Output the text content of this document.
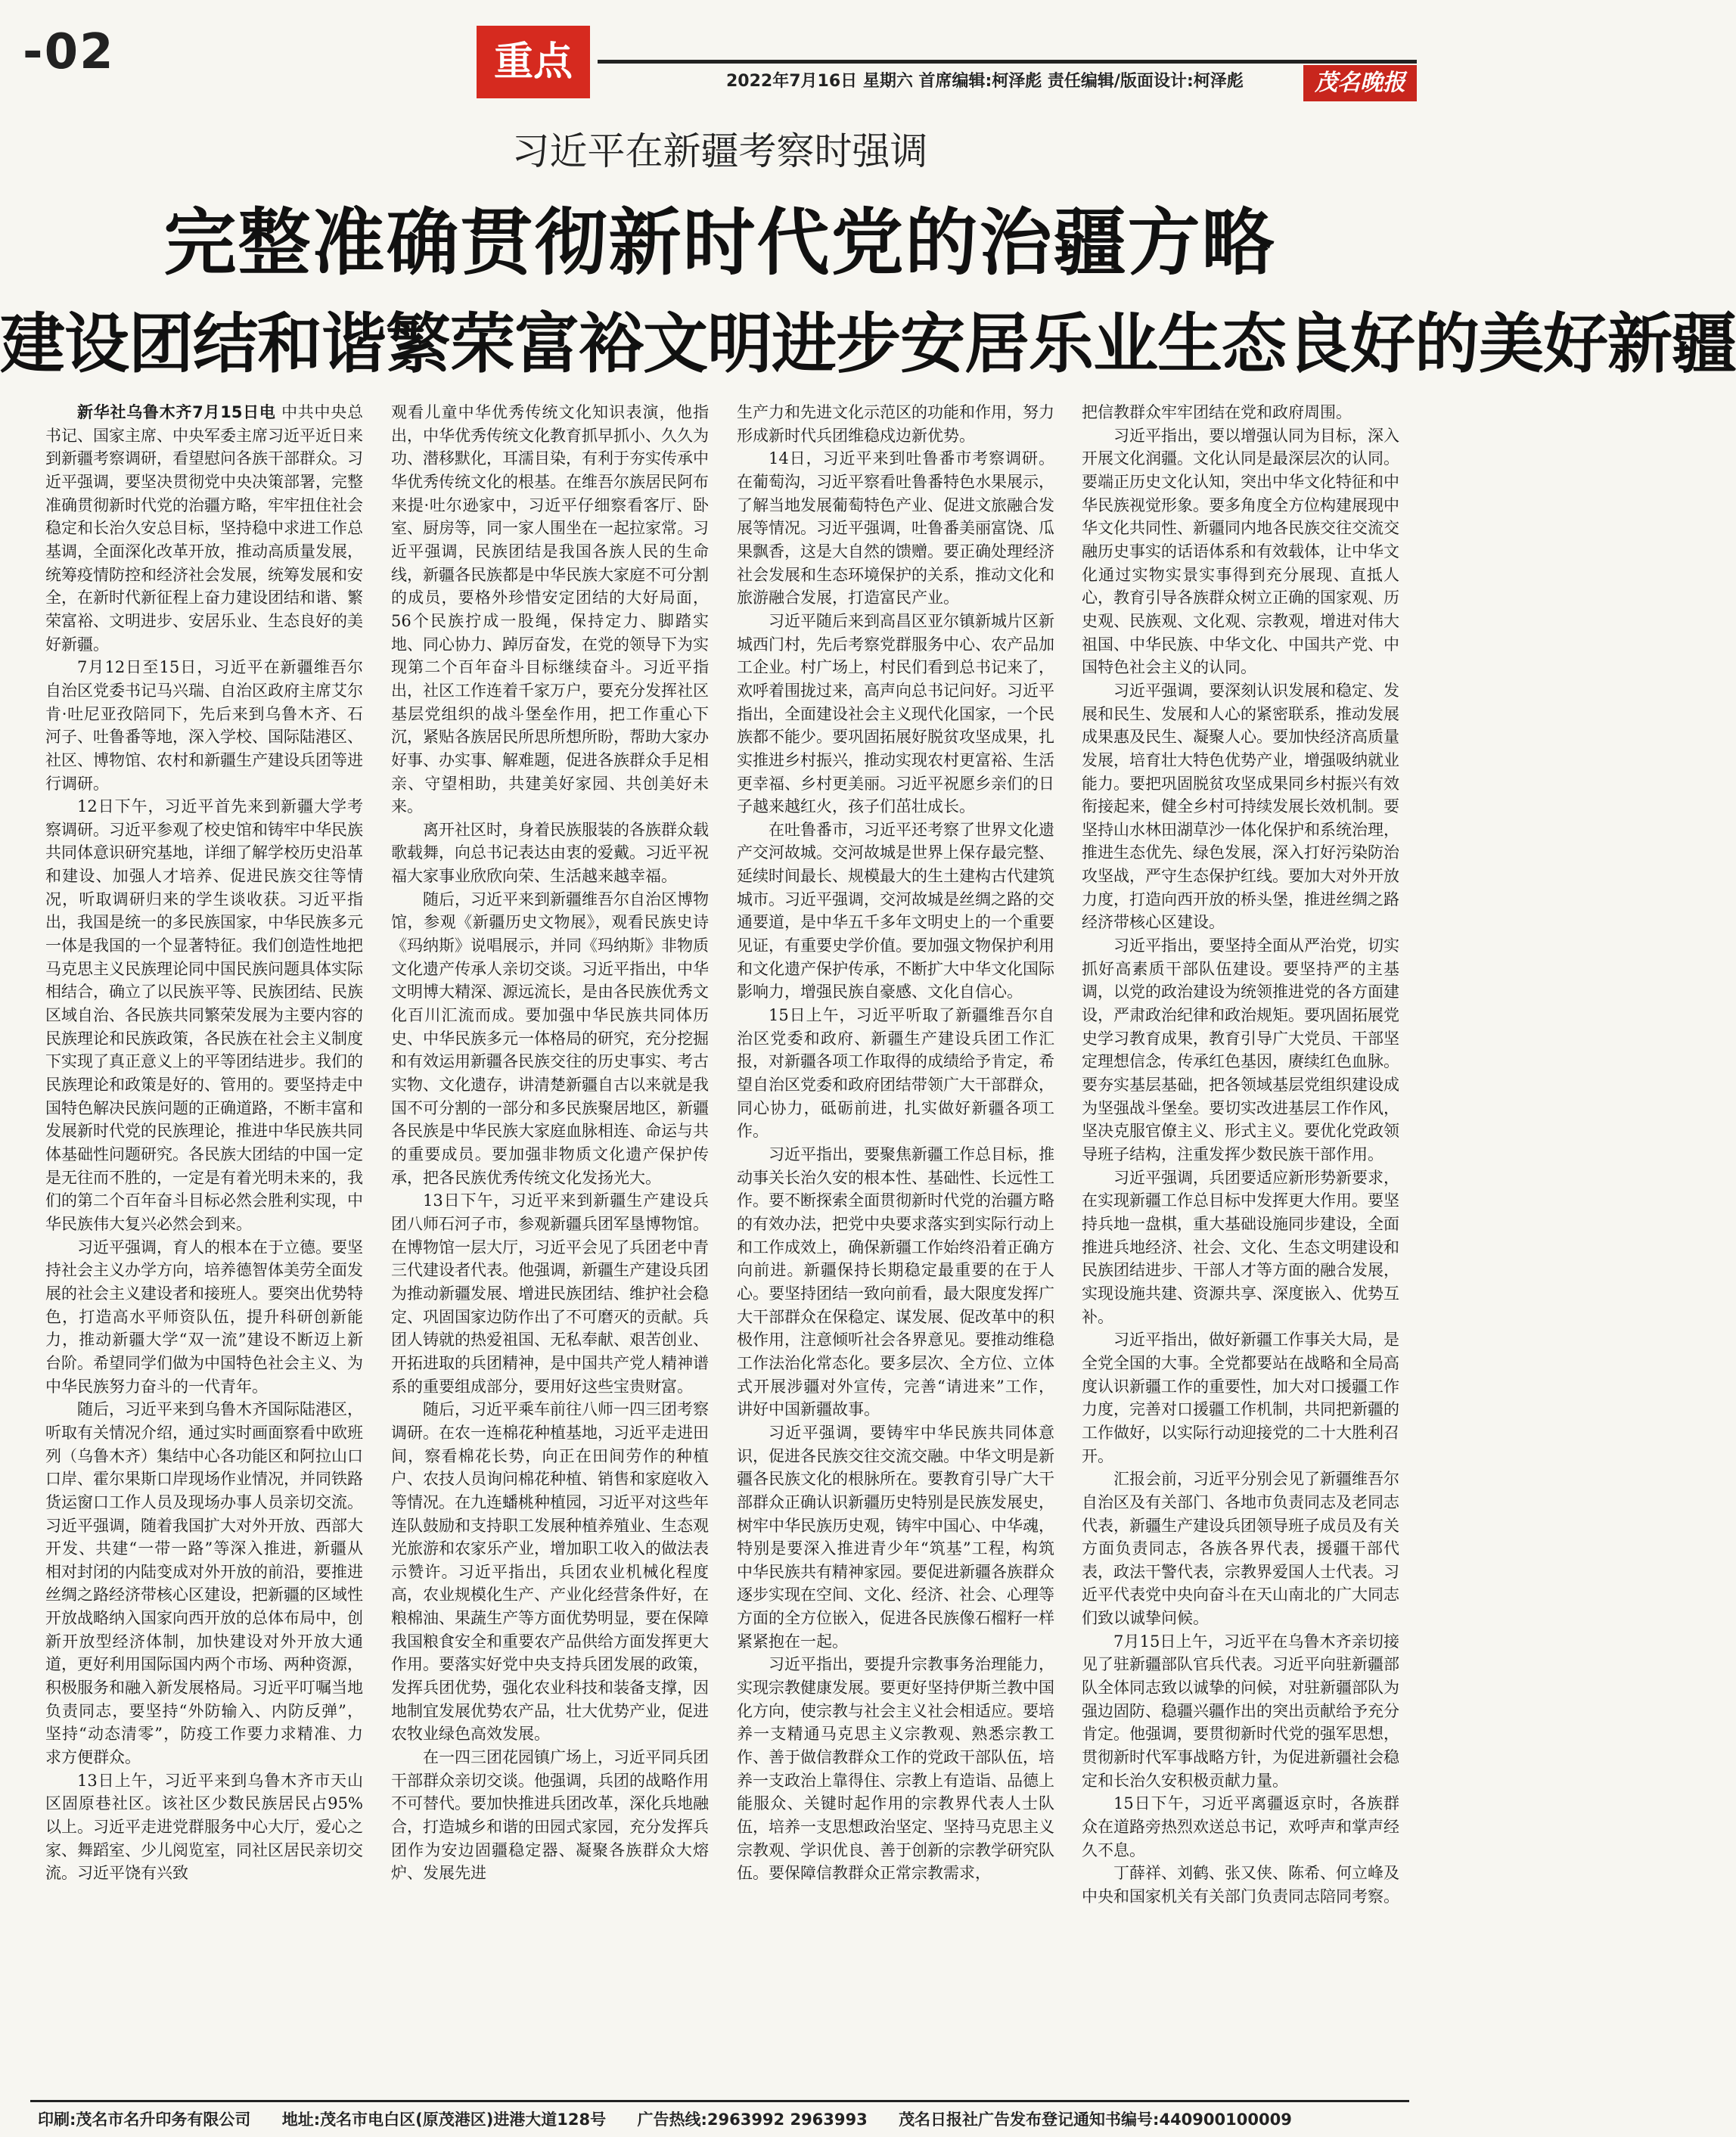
-02	重点	2022年7月16日 星期六 首席编辑:柯泽彪 责任编辑/版面设计:柯泽彪	茂名晚报
习近平在新疆考察时强调
完整准确贯彻新时代党的治疆方略
建设团结和谐繁荣富裕文明进步安居乐业生态良好的美好新疆

新华社乌鲁木齐7月15日电 中共中央总书记、国家主席、中央军委主席习近平近日来到新疆考察调研，看望慰问各族干部群众。习近平强调，要坚决贯彻党中央决策部署，完整准确贯彻新时代党的治疆方略，牢牢扭住社会稳定和长治久安总目标，坚持稳中求进工作总基调，全面深化改革开放，推动高质量发展，统筹疫情防控和经济社会发展，统筹发展和安全，在新时代新征程上奋力建设团结和谐、繁荣富裕、文明进步、安居乐业、生态良好的美好新疆。

7月12日至15日，习近平在新疆维吾尔自治区党委书记马兴瑞、自治区政府主席艾尔肯·吐尼亚孜陪同下，先后来到乌鲁木齐、石河子、吐鲁番等地，深入学校、国际陆港区、社区、博物馆、农村和新疆生产建设兵团等进行调研。

12日下午，习近平首先来到新疆大学考察调研。习近平参观了校史馆和铸牢中华民族共同体意识研究基地，详细了解学校历史沿革和建设、加强人才培养、促进民族交往等情况，听取调研归来的学生谈收获。习近平指出，我国是统一的多民族国家，中华民族多元一体是我国的一个显著特征。我们创造性地把马克思主义民族理论同中国民族问题具体实际相结合，确立了以民族平等、民族团结、民族区域自治、各民族共同繁荣发展为主要内容的民族理论和民族政策，各民族在社会主义制度下实现了真正意义上的平等团结进步。我们的民族理论和政策是好的、管用的。要坚持走中国特色解决民族问题的正确道路，不断丰富和发展新时代党的民族理论，推进中华民族共同体基础性问题研究。各民族大团结的中国一定是无往而不胜的，一定是有着光明未来的，我们的第二个百年奋斗目标必然会胜利实现，中华民族伟大复兴必然会到来。

习近平强调，育人的根本在于立德。要坚持社会主义办学方向，培养德智体美劳全面发展的社会主义建设者和接班人。要突出优势特色，打造高水平师资队伍，提升科研创新能力，推动新疆大学“双一流”建设不断迈上新台阶。希望同学们做为中国特色社会主义、为中华民族努力奋斗的一代青年。

随后，习近平来到乌鲁木齐国际陆港区，听取有关情况介绍，通过实时画面察看中欧班列（乌鲁木齐）集结中心各功能区和阿拉山口口岸、霍尔果斯口岸现场作业情况，并同铁路货运窗口工作人员及现场办事人员亲切交流。习近平强调，随着我国扩大对外开放、西部大开发、共建“一带一路”等深入推进，新疆从相对封闭的内陆变成对外开放的前沿，要推进丝绸之路经济带核心区建设，把新疆的区域性开放战略纳入国家向西开放的总体布局中，创新开放型经济体制，加快建设对外开放大通道，更好利用国际国内两个市场、两种资源，积极服务和融入新发展格局。习近平叮嘱当地负责同志，要坚持“外防输入、内防反弹”，坚持“动态清零”，防疫工作要力求精准、力求方便群众。

13日上午，习近平来到乌鲁木齐市天山区固原巷社区。该社区少数民族居民占95%以上。习近平走进党群服务中心大厅，爱心之家、舞蹈室、少儿阅览室，同社区居民亲切交流。习近平饶有兴致

观看儿童中华优秀传统文化知识表演，他指出，中华优秀传统文化教育抓早抓小、久久为功、潜移默化，耳濡目染，有利于夯实传承中华优秀传统文化的根基。在维吾尔族居民阿布来提·吐尔逊家中，习近平仔细察看客厅、卧室、厨房等，同一家人围坐在一起拉家常。习近平强调，民族团结是我国各族人民的生命线，新疆各民族都是中华民族大家庭不可分割的成员，要格外珍惜安定团结的大好局面，56个民族拧成一股绳，保持定力、脚踏实地、同心协力、踔厉奋发，在党的领导下为实现第二个百年奋斗目标继续奋斗。习近平指出，社区工作连着千家万户，要充分发挥社区基层党组织的战斗堡垒作用，把工作重心下沉，紧贴各族居民所思所想所盼，帮助大家办好事、办实事、解难题，促进各族群众手足相亲、守望相助，共建美好家园、共创美好未来。

离开社区时，身着民族服装的各族群众载歌载舞，向总书记表达由衷的爱戴。习近平祝福大家事业欣欣向荣、生活越来越幸福。

随后，习近平来到新疆维吾尔自治区博物馆，参观《新疆历史文物展》，观看民族史诗《玛纳斯》说唱展示，并同《玛纳斯》非物质文化遗产传承人亲切交谈。习近平指出，中华文明博大精深、源远流长，是由各民族优秀文化百川汇流而成。要加强中华民族共同体历史、中华民族多元一体格局的研究，充分挖掘和有效运用新疆各民族交往的历史事实、考古实物、文化遗存，讲清楚新疆自古以来就是我国不可分割的一部分和多民族聚居地区，新疆各民族是中华民族大家庭血脉相连、命运与共的重要成员。要加强非物质文化遗产保护传承，把各民族优秀传统文化发扬光大。

13日下午，习近平来到新疆生产建设兵团八师石河子市，参观新疆兵团军垦博物馆。在博物馆一层大厅，习近平会见了兵团老中青三代建设者代表。他强调，新疆生产建设兵团为推动新疆发展、增进民族团结、维护社会稳定、巩固国家边防作出了不可磨灭的贡献。兵团人铸就的热爱祖国、无私奉献、艰苦创业、开拓进取的兵团精神，是中国共产党人精神谱系的重要组成部分，要用好这些宝贵财富。

随后，习近平乘车前往八师一四三团考察调研。在农一连棉花种植基地，习近平走进田间，察看棉花长势，向正在田间劳作的种植户、农技人员询问棉花种植、销售和家庭收入等情况。在九连蟠桃种植园，习近平对这些年连队鼓励和支持职工发展种植养殖业、生态观光旅游和农家乐产业，增加职工收入的做法表示赞许。习近平指出，兵团农业机械化程度高，农业规模化生产、产业化经营条件好，在粮棉油、果蔬生产等方面优势明显，要在保障我国粮食安全和重要农产品供给方面发挥更大作用。要落实好党中央支持兵团发展的政策，发挥兵团优势，强化农业科技和装备支撑，因地制宜发展优势农产品，壮大优势产业，促进农牧业绿色高效发展。

在一四三团花园镇广场上，习近平同兵团干部群众亲切交谈。他强调，兵团的战略作用不可替代。要加快推进兵团改革，深化兵地融合，打造城乡和谐的田园式家园，充分发挥兵团作为安边固疆稳定器、凝聚各族群众大熔炉、发展先进

生产力和先进文化示范区的功能和作用，努力形成新时代兵团维稳戍边新优势。

14日，习近平来到吐鲁番市考察调研。在葡萄沟，习近平察看吐鲁番特色水果展示，了解当地发展葡萄特色产业、促进文旅融合发展等情况。习近平强调，吐鲁番美丽富饶、瓜果飘香，这是大自然的馈赠。要正确处理经济社会发展和生态环境保护的关系，推动文化和旅游融合发展，打造富民产业。

习近平随后来到高昌区亚尔镇新城片区新城西门村，先后考察党群服务中心、农产品加工企业。村广场上，村民们看到总书记来了，欢呼着围拢过来，高声向总书记问好。习近平指出，全面建设社会主义现代化国家，一个民族都不能少。要巩固拓展好脱贫攻坚成果，扎实推进乡村振兴，推动实现农村更富裕、生活更幸福、乡村更美丽。习近平祝愿乡亲们的日子越来越红火，孩子们茁壮成长。

在吐鲁番市，习近平还考察了世界文化遗产交河故城。交河故城是世界上保存最完整、延续时间最长、规模最大的生土建构古代建筑城市。习近平强调，交河故城是丝绸之路的交通要道，是中华五千多年文明史上的一个重要见证，有重要史学价值。要加强文物保护利用和文化遗产保护传承，不断扩大中华文化国际影响力，增强民族自豪感、文化自信心。

15日上午，习近平听取了新疆维吾尔自治区党委和政府、新疆生产建设兵团工作汇报，对新疆各项工作取得的成绩给予肯定，希望自治区党委和政府团结带领广大干部群众，同心协力，砥砺前进，扎实做好新疆各项工作。

习近平指出，要聚焦新疆工作总目标，推动事关长治久安的根本性、基础性、长远性工作。要不断探索全面贯彻新时代党的治疆方略的有效办法，把党中央要求落实到实际行动上和工作成效上，确保新疆工作始终沿着正确方向前进。新疆保持长期稳定最重要的在于人心。要坚持团结一致向前看，最大限度发挥广大干部群众在保稳定、谋发展、促改革中的积极作用，注意倾听社会各界意见。要推动维稳工作法治化常态化。要多层次、全方位、立体式开展涉疆对外宣传，完善“请进来”工作，讲好中国新疆故事。

习近平强调，要铸牢中华民族共同体意识，促进各民族交往交流交融。中华文明是新疆各民族文化的根脉所在。要教育引导广大干部群众正确认识新疆历史特别是民族发展史，树牢中华民族历史观，铸牢中国心、中华魂，特别是要深入推进青少年“筑基”工程，构筑中华民族共有精神家园。要促进新疆各族群众逐步实现在空间、文化、经济、社会、心理等方面的全方位嵌入，促进各民族像石榴籽一样紧紧抱在一起。

习近平指出，要提升宗教事务治理能力，实现宗教健康发展。要更好坚持伊斯兰教中国化方向，使宗教与社会主义社会相适应。要培养一支精通马克思主义宗教观、熟悉宗教工作、善于做信教群众工作的党政干部队伍，培养一支政治上靠得住、宗教上有造诣、品德上能服众、关键时起作用的宗教界代表人士队伍，培养一支思想政治坚定、坚持马克思主义宗教观、学识优良、善于创新的宗教学研究队伍。要保障信教群众正常宗教需求，

把信教群众牢牢团结在党和政府周围。

习近平指出，要以增强认同为目标，深入开展文化润疆。文化认同是最深层次的认同。要端正历史文化认知，突出中华文化特征和中华民族视觉形象。要多角度全方位构建展现中华文化共同性、新疆同内地各民族交往交流交融历史事实的话语体系和有效载体，让中华文化通过实物实景实事得到充分展现、直抵人心，教育引导各族群众树立正确的国家观、历史观、民族观、文化观、宗教观，增进对伟大祖国、中华民族、中华文化、中国共产党、中国特色社会主义的认同。

习近平强调，要深刻认识发展和稳定、发展和民生、发展和人心的紧密联系，推动发展成果惠及民生、凝聚人心。要加快经济高质量发展，培育壮大特色优势产业，增强吸纳就业能力。要把巩固脱贫攻坚成果同乡村振兴有效衔接起来，健全乡村可持续发展长效机制。要坚持山水林田湖草沙一体化保护和系统治理，推进生态优先、绿色发展，深入打好污染防治攻坚战，严守生态保护红线。要加大对外开放力度，打造向西开放的桥头堡，推进丝绸之路经济带核心区建设。

习近平指出，要坚持全面从严治党，切实抓好高素质干部队伍建设。要坚持严的主基调，以党的政治建设为统领推进党的各方面建设，严肃政治纪律和政治规矩。要巩固拓展党史学习教育成果，教育引导广大党员、干部坚定理想信念，传承红色基因，赓续红色血脉。要夯实基层基础，把各领域基层党组织建设成为坚强战斗堡垒。要切实改进基层工作作风，坚决克服官僚主义、形式主义。要优化党政领导班子结构，注重发挥少数民族干部作用。

习近平强调，兵团要适应新形势新要求，在实现新疆工作总目标中发挥更大作用。要坚持兵地一盘棋，重大基础设施同步建设，全面推进兵地经济、社会、文化、生态文明建设和民族团结进步、干部人才等方面的融合发展，实现设施共建、资源共享、深度嵌入、优势互补。

习近平指出，做好新疆工作事关大局，是全党全国的大事。全党都要站在战略和全局高度认识新疆工作的重要性，加大对口援疆工作力度，完善对口援疆工作机制，共同把新疆的工作做好，以实际行动迎接党的二十大胜利召开。

汇报会前，习近平分别会见了新疆维吾尔自治区及有关部门、各地市负责同志及老同志代表，新疆生产建设兵团领导班子成员及有关方面负责同志，各族各界代表，援疆干部代表，政法干警代表，宗教界爱国人士代表。习近平代表党中央向奋斗在天山南北的广大同志们致以诚挚问候。

7月15日上午，习近平在乌鲁木齐亲切接见了驻新疆部队官兵代表。习近平向驻新疆部队全体同志致以诚挚的问候，对驻新疆部队为强边固防、稳疆兴疆作出的突出贡献给予充分肯定。他强调，要贯彻新时代党的强军思想，贯彻新时代军事战略方针，为促进新疆社会稳定和长治久安积极贡献力量。

15日下午，习近平离疆返京时，各族群众在道路旁热烈欢送总书记，欢呼声和掌声经久不息。

丁薛祥、刘鹤、张又侠、陈希、何立峰及中央和国家机关有关部门负责同志陪同考察。

印刷:茂名市名升印务有限公司 地址:茂名市电白区(原茂港区)进港大道128号 广告热线:2963992 2963993 茂名日报社广告发布登记通知书编号:440900100009
